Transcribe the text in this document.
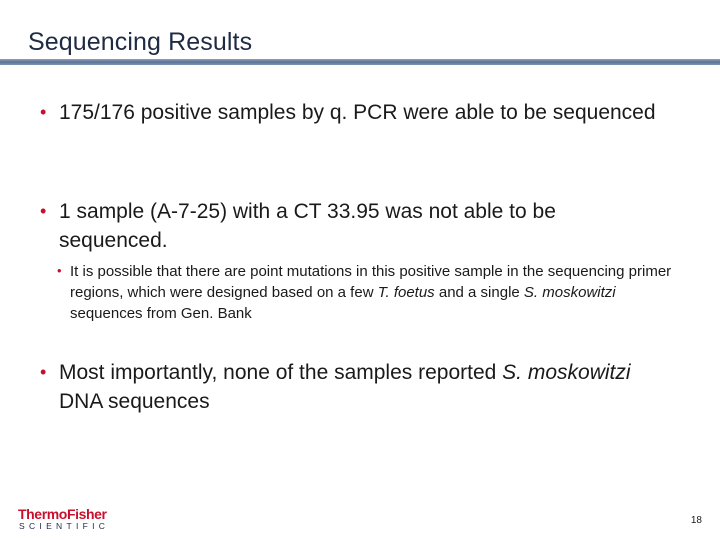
Sequencing Results
• 175/176 positive samples by q. PCR were able to be sequenced
• 1 sample (A-7-25) with a CT 33.95 was not able to be sequenced.
• It is possible that there are point mutations in this positive sample in the sequencing primer regions, which were designed based on a few T. foetus and a single S. moskowitzi sequences from Gen. Bank
• Most importantly, none of the samples reported S. moskowitzi DNA sequences
ThermoFisher
SCIENTIFIC	18
